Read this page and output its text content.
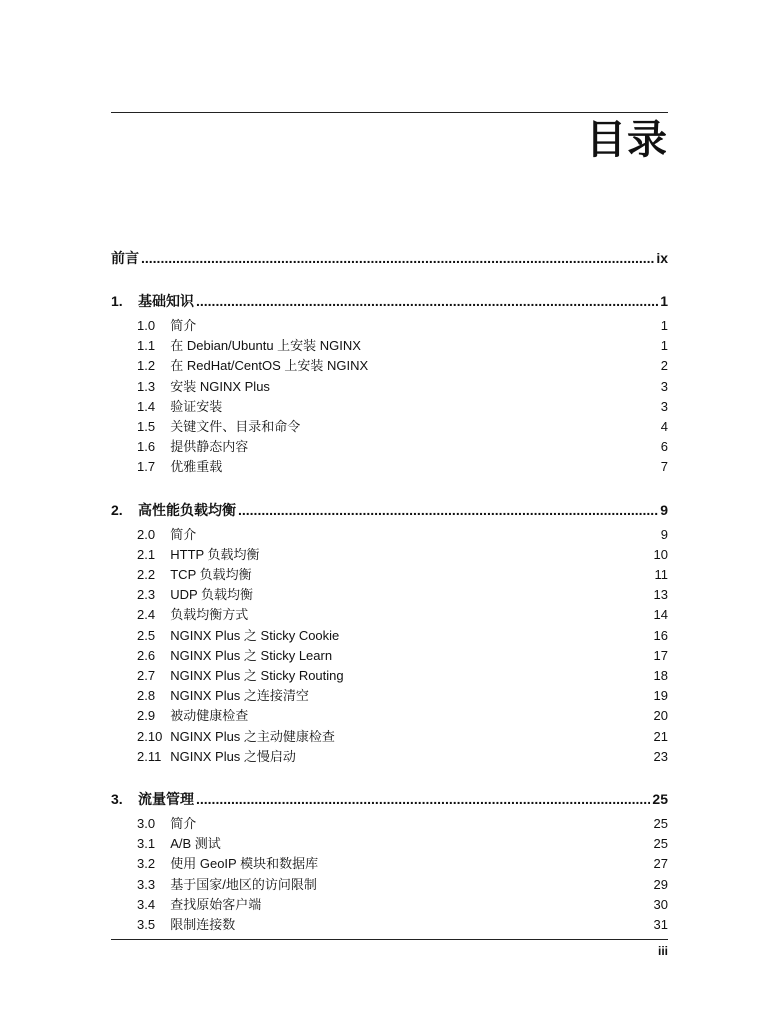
目录
前言 .....	ix
1.	基础知识 .....	1
1.0 简介	1
1.1 在 Debian/Ubuntu 上安装 NGINX	1
1.2 在 RedHat/CentOS 上安装 NGINX	2
1.3 安装 NGINX Plus	3
1.4 验证安装	3
1.5 关键文件、目录和命令	4
1.6 提供静态内容	6
1.7 优雅重载	7
2.	高性能负载均衡 .....	9
2.0 简介	9
2.1 HTTP 负载均衡	10
2.2 TCP 负载均衡	11
2.3 UDP 负载均衡	13
2.4 负载均衡方式	14
2.5 NGINX Plus 之 Sticky Cookie	16
2.6 NGINX Plus 之 Sticky Learn	17
2.7 NGINX Plus 之 Sticky Routing	18
2.8 NGINX Plus 之连接清空	19
2.9 被动健康检查	20
2.10 NGINX Plus 之主动健康检查	21
2.11 NGINX Plus 之慢启动	23
3.	流量管理 .....	25
3.0 简介	25
3.1 A/B 测试	25
3.2 使用 GeoIP 模块和数据库	27
3.3 基于国家/地区的访问限制	29
3.4 查找原始客户端	30
3.5 限制连接数	31
iii
